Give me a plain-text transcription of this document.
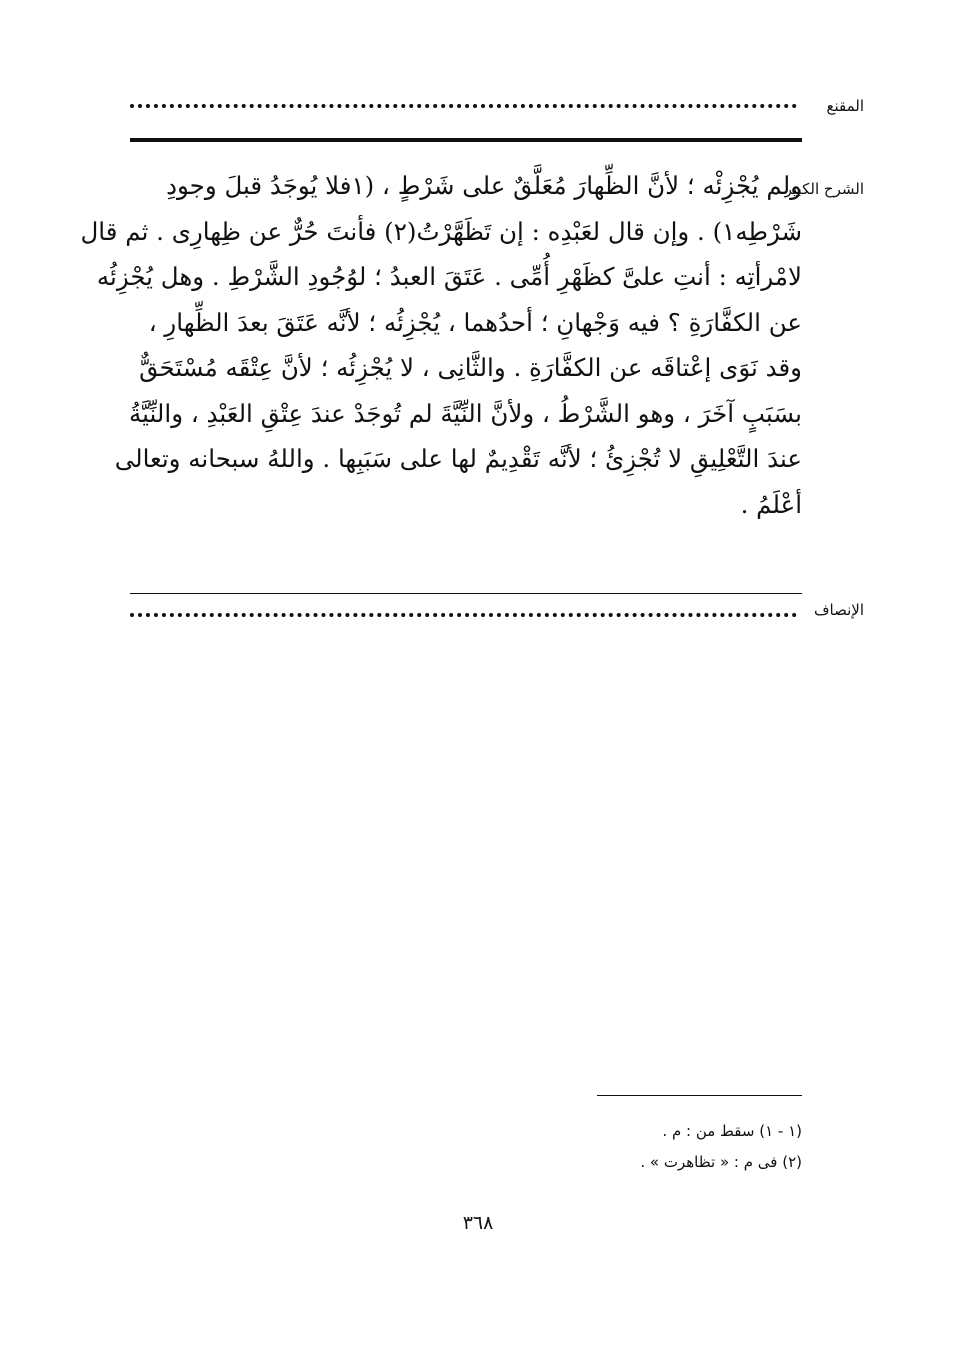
المقنع
الشرح الكبير
ولم يُجْزِئْه ؛ لأنَّ الظِّهارَ مُعَلَّقٌ على شَرْطٍ ، (١فلا يُوجَدُ قبلَ وجودِ
شَرْطِه١) . وإن قال لعَبْدِه : إن تَظَهَّرْتُ(٢) فأنتَ حُرٌّ عن ظِهارِى . ثم قال
لامْرأتِه : أنتِ علىَّ كظَهْرِ أُمِّى . عَتَقَ العبدُ ؛ لوُجُودِ الشَّرْطِ . وهل يُجْزِئُه
عن الكفَّارَةِ ؟ فيه وَجْهانِ ؛ أحدُهما ، يُجْزِئُه ؛ لأنَّه عَتَقَ بعدَ الظِّهارِ ،
وقد نَوَى إعْتاقَه عن الكفَّارَةِ . والثَّانِى ، لا يُجْزِئُه ؛ لأنَّ عِتْقَه مُسْتَحَقٌّ
بسَبَبٍ آخَرَ ، وهو الشَّرْطُ ، ولأنَّ النِّيَّةَ لم تُوجَدْ عندَ عِتْقِ العَبْدِ ، والنِّيَّةُ
عندَ التَّعْلِيقِ لا تُجْزِئُ ؛ لأنَّه تَقْدِيمٌ لها على سَبَبِها . واللهُ سبحانه وتعالى
أعْلَمُ .
الإنصاف
(١ - ١) سقط من : م .
(٢) فى م : « تظاهرت » .
٣٦٨
